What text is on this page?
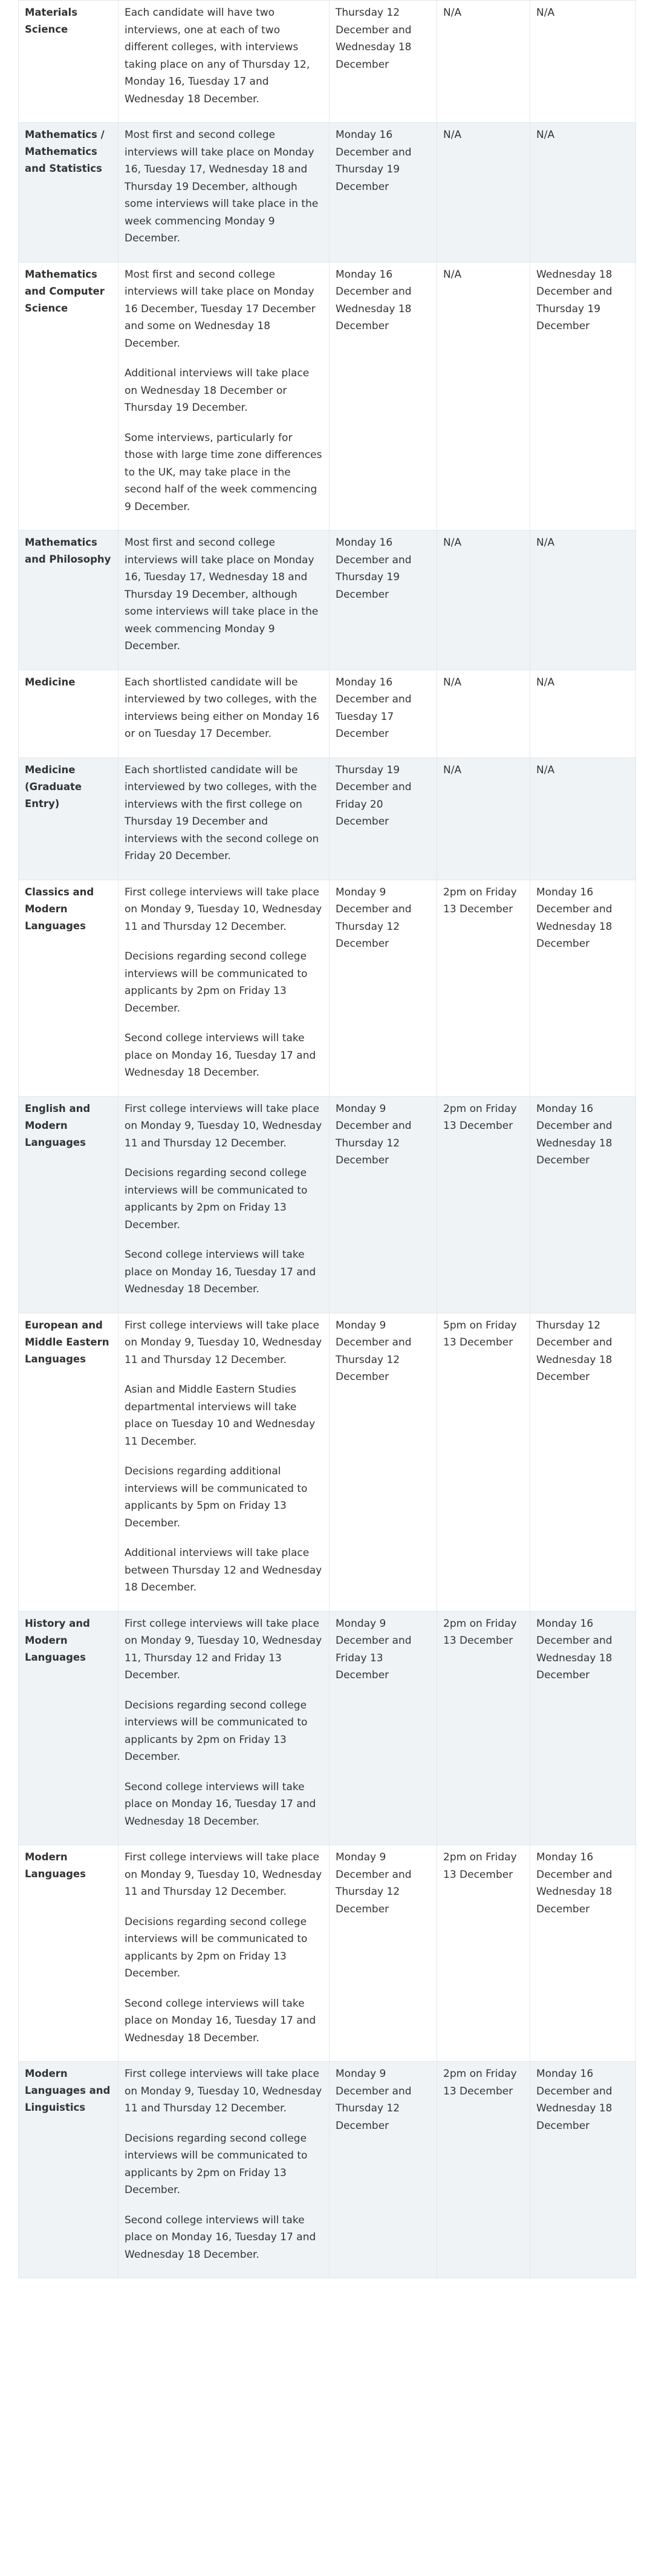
Materials Science	Each candidate will have two interviews, one at each of two different colleges, with interviews taking place on any of Thursday 12, Monday 16, Tuesday 17 and Wednesday 18 December.	Thursday 12 December and Wednesday 18 December	N/A	N/A
Mathematics / Mathematics and Statistics	Most first and second college interviews will take place on Monday 16, Tuesday 17, Wednesday 18 and Thursday 19 December, although some interviews will take place in the week commencing Monday 9 December.	Monday 16 December and Thursday 19 December	N/A	N/A
Mathematics and Computer Science	Most first and second college interviews will take place on Monday 16 December, Tuesday 17 December and some on Wednesday 18 December.

Additional interviews will take place on Wednesday 18 December or Thursday 19 December.

Some interviews, particularly for those with large time zone differences to the UK, may take place in the second half of the week commencing 9 December.	Monday 16 December and Wednesday 18 December	N/A	Wednesday 18 December and Thursday 19 December
Mathematics and Philosophy	Most first and second college interviews will take place on Monday 16, Tuesday 17, Wednesday 18 and Thursday 19 December, although some interviews will take place in the week commencing Monday 9 December.	Monday 16 December and Thursday 19 December	N/A	N/A
Medicine	Each shortlisted candidate will be interviewed by two colleges, with the interviews being either on Monday 16 or on Tuesday 17 December.	Monday 16 December and Tuesday 17 December	N/A	N/A
Medicine (Graduate Entry)	Each shortlisted candidate will be interviewed by two colleges, with the interviews with the first college on Thursday 19 December and interviews with the second college on Friday 20 December.	Thursday 19 December and Friday 20 December	N/A	N/A
Classics and Modern Languages	First college interviews will take place on Monday 9, Tuesday 10, Wednesday 11 and Thursday 12 December.

Decisions regarding second college interviews will be communicated to applicants by 2pm on Friday 13 December.

Second college interviews will take place on Monday 16, Tuesday 17 and Wednesday 18 December.	Monday 9 December and Thursday 12 December	2pm on Friday 13 December	Monday 16 December and Wednesday 18 December
English and Modern Languages	First college interviews will take place on Monday 9, Tuesday 10, Wednesday 11 and Thursday 12 December.

Decisions regarding second college interviews will be communicated to applicants by 2pm on Friday 13 December.

Second college interviews will take place on Monday 16, Tuesday 17 and Wednesday 18 December.	Monday 9 December and Thursday 12 December	2pm on Friday 13 December	Monday 16 December and Wednesday 18 December
European and Middle Eastern Languages	First college interviews will take place on Monday 9, Tuesday 10, Wednesday 11 and Thursday 12 December.

Asian and Middle Eastern Studies departmental interviews will take place on Tuesday 10 and Wednesday 11 December.

Decisions regarding additional interviews will be communicated to applicants by 5pm on Friday 13 December.

Additional interviews will take place between Thursday 12 and Wednesday 18 December.	Monday 9 December and Thursday 12 December	5pm on Friday 13 December	Thursday 12 December and Wednesday 18 December
History and Modern Languages	First college interviews will take place on Monday 9, Tuesday 10, Wednesday 11, Thursday 12 and Friday 13 December.

Decisions regarding second college interviews will be communicated to applicants by 2pm on Friday 13 December.

Second college interviews will take place on Monday 16, Tuesday 17 and Wednesday 18 December.	Monday 9 December and Friday 13 December	2pm on Friday 13 December	Monday 16 December and Wednesday 18 December
Modern Languages	First college interviews will take place on Monday 9, Tuesday 10, Wednesday 11 and Thursday 12 December.

Decisions regarding second college interviews will be communicated to applicants by 2pm on Friday 13 December.

Second college interviews will take place on Monday 16, Tuesday 17 and Wednesday 18 December.	Monday 9 December and Thursday 12 December	2pm on Friday 13 December	Monday 16 December and Wednesday 18 December
Modern Languages and Linguistics	First college interviews will take place on Monday 9, Tuesday 10, Wednesday 11 and Thursday 12 December.

Decisions regarding second college interviews will be communicated to applicants by 2pm on Friday 13 December.

Second college interviews will take place on Monday 16, Tuesday 17 and Wednesday 18 December.	Monday 9 December and Thursday 12 December	2pm on Friday 13 December	Monday 16 December and Wednesday 18 December
